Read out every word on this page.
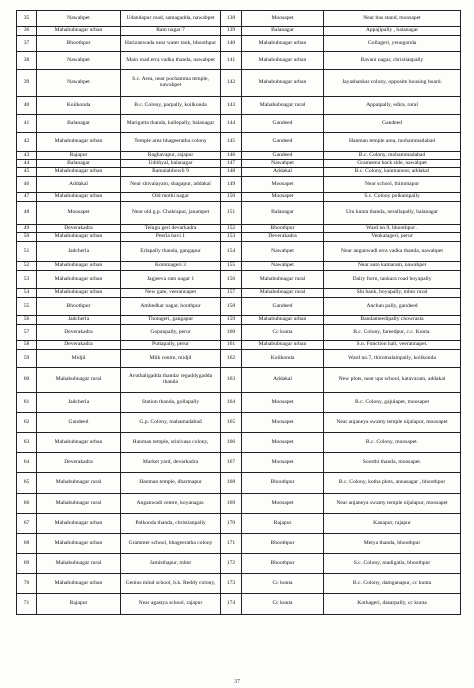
35	Nawabpet	Udandapur road, samagadda, nawabpet	138	Moosapet	Near bus stand, moosapet
36	Mahabubnagar urban	Ram nagar 7	139	Balanagar	Appajipally , balanagar
37	Bhoothpur	Harizanwada near water tank, bhoothpur	140	Mahabubnagar urban	Gollageri, yenugonda
38	Nawabpet	Main road erra vadka thanda, nawabpet	141	Mahabubnagar urban	Bavani nagar, christianpally
39	Nawabpet	S.c. Area, near pochamma temple, nawabpet	142	Mahabubnagar urban	Jayashankar colony, opposite housing board.
40	Koilkonda	B.c. Colony, parpally, koilkonda	143	Mahabubnagar rural	Appaipally, edira, rural
41	Balanagar	Marigutta thanda, kallepally, balanagar	144	Gandeed	Gandeed
42	Mahabubnagar urban	Temple area bhageeratha colony	145	Gandeed	Hanman temple area, mohammadabad
43	Rajapur	Raghavapur, rajapur	146	Gandeed	B.c. Colony, mohammadabad
44	Balanagar	Udithyal, balanagar	147	Nawabpet	Grameena back side, nawabpet
45	Mahabubnagar urban	Ramaiahbowli 9	148	Addakal	B.c. Colony, kanmanoor, addakal
46	Addakal	Near shivalayam, shagapur, addakal	149	Moosapet	Near school, thimmapur
47	Mahabubnagar urban	Old mothi nagar	150	Moosapet	S.c. Colony polkampally
48	Moosapet	Near old g.p. Chakrapur, janampet	151	Balanagar	Utu kunta thanda, nerallapally, balanagar
49	Deverakadra	Telugu geri devarkadra	152	Bhoothpur	Ward no.9, bhoothpur .
50	Mahabubnagar urban	Peerla bavi 1	153	Deverakadra	Venkatageri, perur
51	Jadcherla	Erlapally thanda, gangapur	154	Nawabpet	Near anganwadi erra vadka thanda, nawabpet
52	Mahabubnagar urban	Kommageri 3	155	Nawabpet	Near auto kamaram, nawabpet
53	Mahabubnagar urban	Jagjeeva ram nagar 1	156	Mahabubnagar rural	Dairy form, tankara road boyapally
54	Mahabubnagar urban	New gate, veerannapet	157	Mahabubnagar rural	Sbi bank, boyapally, mbnr rural
55	Bhoothpur	Ambedkar nagar, boothpur	158	Gandeed	Anchan pally, gandeed
56	Jadcherla	Thotageri, gangapur	159	Mahabubnagar urban	Bandameedipally chowrasta
57	Deverakadra	Gopanpally, perur	160	Cc kunta	B.c. Colony, fareedpur, c.c. Kunta.
58	Deverakadra	Puttapally, perur	161	Mahabubnagar urban	S.n. Function hall, veerannapet.
59	Midjil	Milk centre, midjil	162	Koilkonda	Ward no.7, thirumalampally, koilkonda
60	Mahabubnagar rural	Avuthaligadda thanda/ regaddygadda thanda	163	Addakal	New plots, near ups school, katavaram, addakal
61	Jadcherla	Station thanda, gollapally	164	Moosapet	B.c. Colony, gajulapet, moosapet
62	Gandeed	G.p. Colony, mahamadabad	165	Moosapet	Near anjaneya swamy temple nijalapur, moosapet
63	Mahabubnagar urban	Hanman temple, srinivasa colony,	166	Moosapet	B.c. Colony, moosapet.
64	Deverakadra	Market yard, devarkadra	167	Moosapet	Soorthi thanda, moosapet.
65	Mahabubnagar rural	Hanman temple, dharmapur	168	Bhoothpur	B.c. Colony, kotha plots, annasagar , bhoothpur
66	Mahabubnagar rural	Anganwadi centre, koyanagar.	169	Moosapet	Near anjaneya swamy temple nijalapur, moosapet
67	Mahabubnagar urban	Palkonda thanda, christianpally	170	Rajapur	Kanapur, rajapur
68	Mahabubnagar urban	Grammer school, bhageeratha colony	171	Bhoothpur	Metya thanda, bhoothpur
69	Mahabubnagar rural	Jamisthapur, mbnr	172	Bhoothpur	S.c. Colony, madigatla, bhoothpur
70	Mahabubnagar urban	Genius mind school, b.k. Reddy colony,	173	Cc kunta	B.c. Colony, damganapur, cc kunta
71	Rajapur	Near agastya school, rajapur	174	Cc kunta	Kothageri, dasarpally, cc kunta
37
